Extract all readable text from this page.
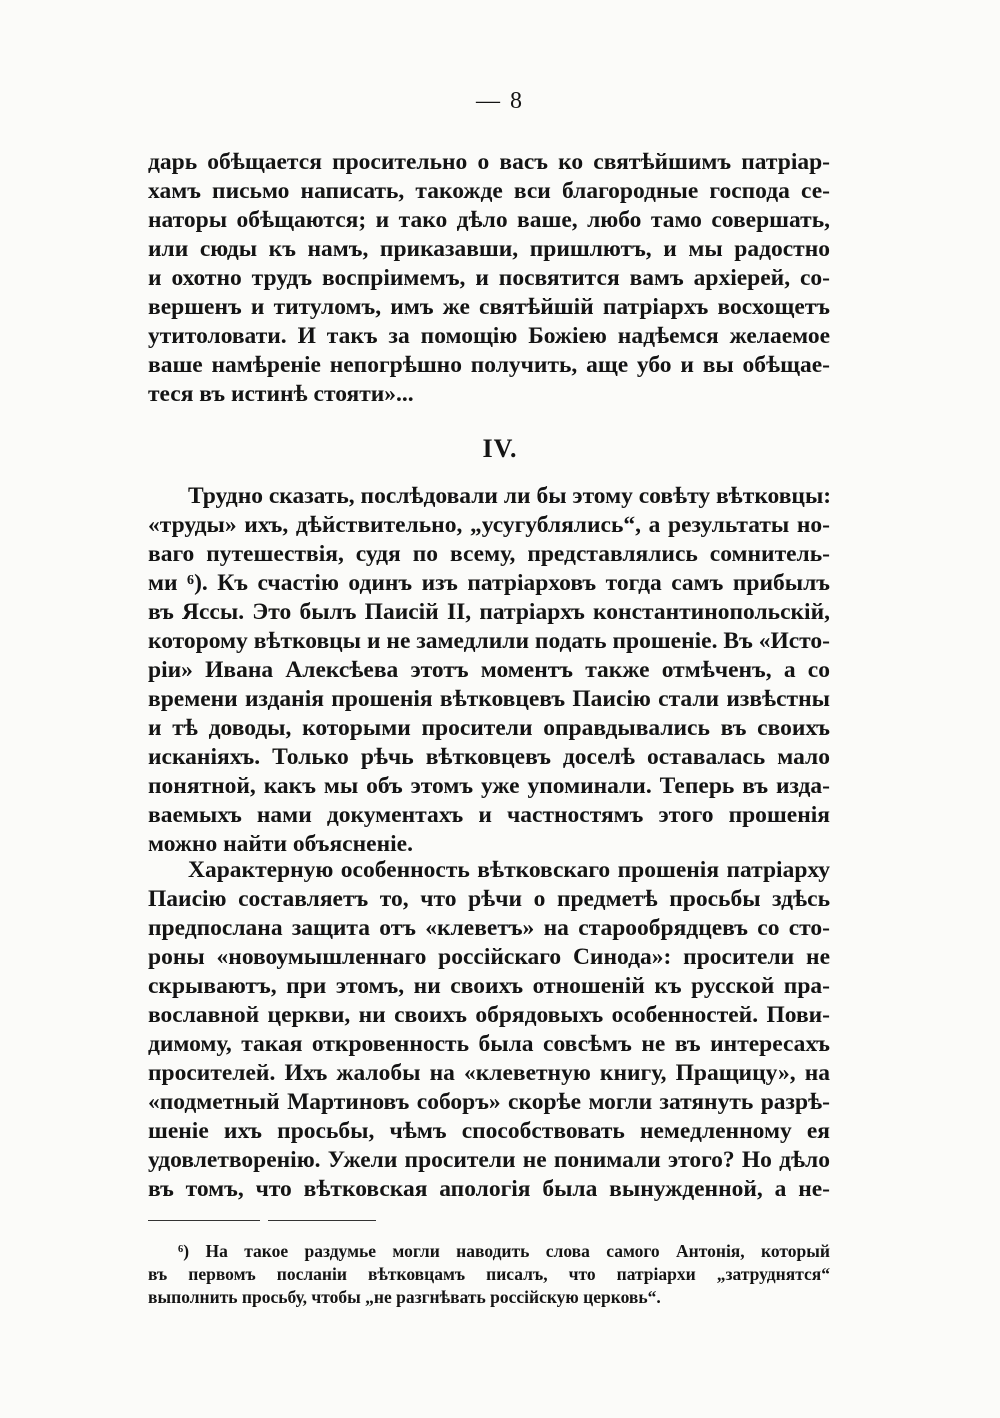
— 8
дарь обѣщается просительно о васъ ко святѣйшимъ патріар-
хамъ письмо написать, такожде вси благородные господа се-
наторы обѣщаются; и тако дѣло ваше, любо тамо совершать,
или сюды къ намъ, приказавши, пришлютъ, и мы радостно
и охотно трудъ воспріимемъ, и посвятится вамъ архіерей, со-
вершенъ и титуломъ, имъ же святѣйшій патріархъ восхощетъ
утитоловати. И такъ за помощію Божіею надѣемся желаемое
ваше намѣреніе непогрѣшно получить, аще убо и вы обѣщае-
теся въ истинѣ стояти»...
IV.
Трудно сказать, послѣдовали ли бы этому совѣту вѣтковцы:
«труды» ихъ, дѣйствительно, „усугублялись“, а результаты но-
ваго путешествія, судя по всему, представлялись сомнитель-
ми ⁶). Къ счастію одинъ изъ патріарховъ тогда самъ прибылъ
въ Яссы. Это былъ Паисій II, патріархъ константинопольскій,
которому вѣтковцы и не замедлили подать прошеніе. Въ «Исто-
ріи» Ивана Алексѣева этотъ моментъ также отмѣченъ, а со
времени изданія прошенія вѣтковцевъ Паисію стали извѣстны
и тѣ доводы, которыми просители оправдывались въ своихъ
исканіяхъ. Только рѣчь вѣтковцевъ доселѣ оставалась мало
понятной, какъ мы объ этомъ уже упоминали. Теперь въ изда-
ваемыхъ нами документахъ и частностямъ этого прошенія
можно найти объясненіе.
Характерную особенность вѣтковскаго прошенія патріарху
Паисію составляетъ то, что рѣчи о предметѣ просьбы здѣсь
предпослана защита отъ «клеветъ» на старообрядцевъ со сто-
роны «новоумышленнаго россійскаго Синода»: просители не
скрываютъ, при этомъ, ни своихъ отношеній къ русской пра-
вославной церкви, ни своихъ обрядовыхъ особенностей. Пови-
димому, такая откровенность была совсѣмъ не въ интересахъ
просителей. Ихъ жалобы на «клеветную книгу, Пращицу», на
«подметный Мартиновъ соборъ» скорѣе могли затянуть разрѣ-
шеніе ихъ просьбы, чѣмъ способствовать немедленному ея
удовлетворенію. Ужели просители не понимали этого? Но дѣло
въ томъ, что вѣтковская апологія была вынужденной, а не-
⁶) На такое раздумье могли наводить слова самого Антонія, который
въ первомъ посланіи вѣтковцамъ писалъ, что патріархи „затруднятся“
выполнить просьбу, чтобы „не разгнѣвать россійскую церковь“.
